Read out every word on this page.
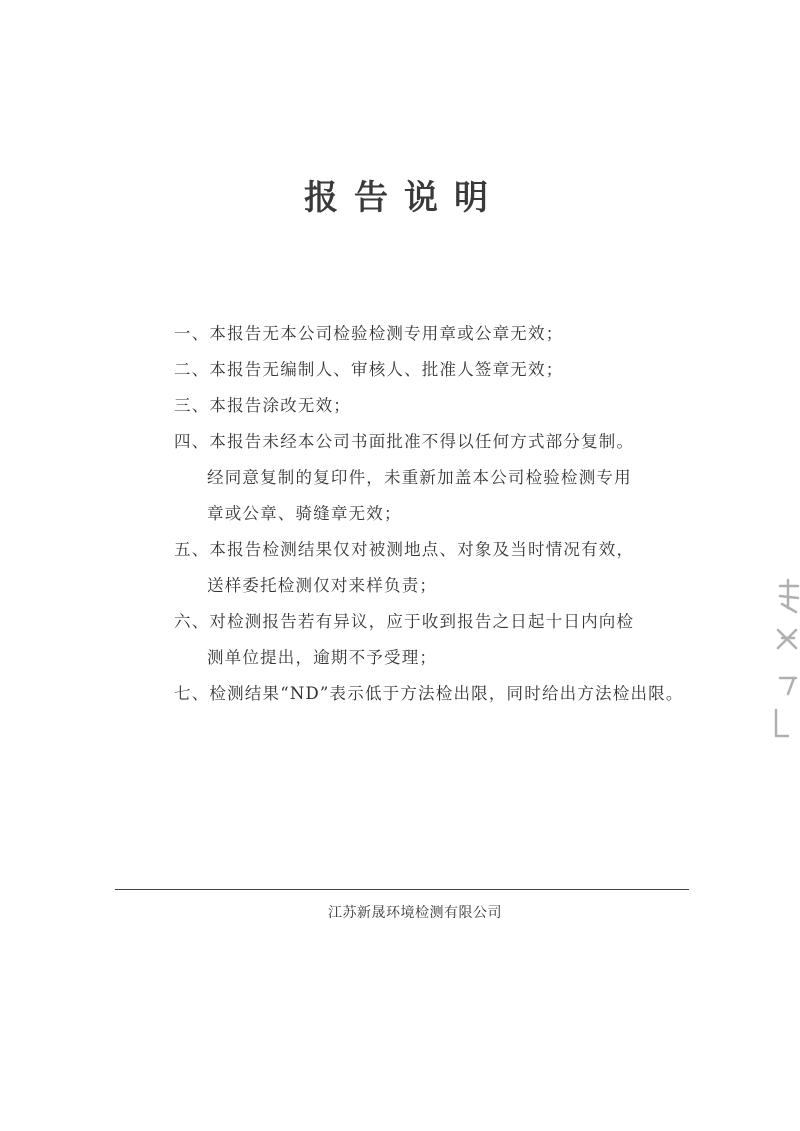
报告说明
一、本报告无本公司检验检测专用章或公章无效；
二、本报告无编制人、审核人、批准人签章无效；
三、本报告涂改无效；
四、本报告未经本公司书面批准不得以任何方式部分复制。
经同意复制的复印件，未重新加盖本公司检验检测专用
章或公章、骑缝章无效；
五、本报告检测结果仅对被测地点、对象及当时情况有效，
送样委托检测仅对来样负责；
六、对检测报告若有异议，应于收到报告之日起十日内向检
测单位提出，逾期不予受理；
七、检测结果“ND”表示低于方法检出限，同时给出方法检出限。
江苏新晟环境检测有限公司
